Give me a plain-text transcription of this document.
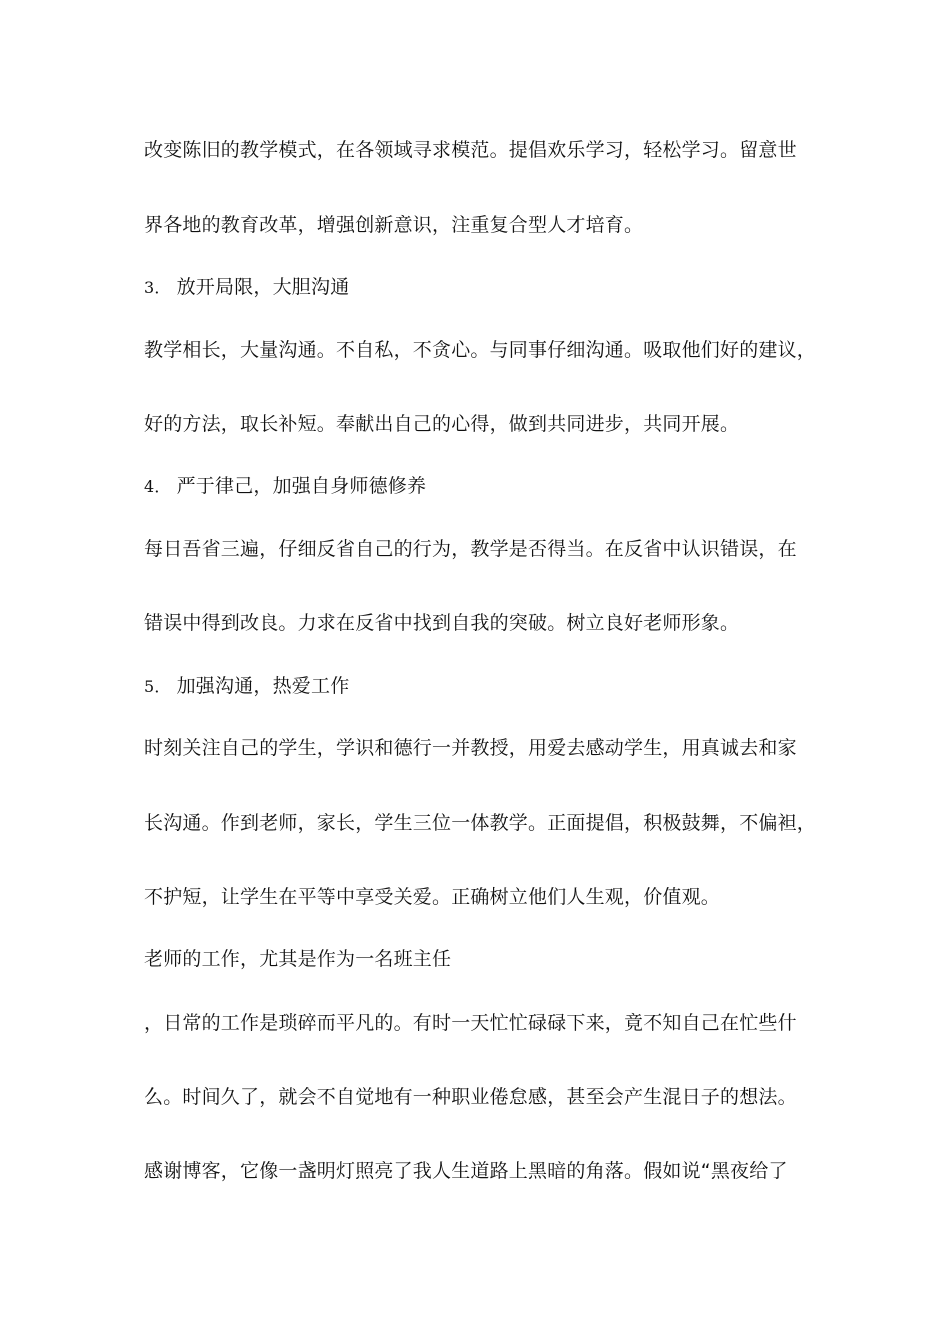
改变陈旧的教学模式，在各领域寻求模范。提倡欢乐学习，轻松学习。留意世
界各地的教育改革，增强创新意识，注重复合型人才培育。
3． 放开局限，大胆沟通
教学相长，大量沟通。不自私，不贪心。与同事仔细沟通。吸取他们好的建议，
好的方法，取长补短。奉献出自己的心得，做到共同进步，共同开展。
4． 严于律己，加强自身师德修养
每日吾省三遍，仔细反省自己的行为，教学是否得当。在反省中认识错误，在
错误中得到改良。力求在反省中找到自我的突破。树立良好老师形象。
5． 加强沟通，热爱工作
时刻关注自己的学生，学识和德行一并教授，用爱去感动学生，用真诚去和家
长沟通。作到老师，家长，学生三位一体教学。正面提倡，积极鼓舞，不偏袒，
不护短，让学生在平等中享受关爱。正确树立他们人生观，价值观。
老师的工作，尤其是作为一名班主任
，日常的工作是琐碎而平凡的。有时一天忙忙碌碌下来，竟不知自己在忙些什
么。时间久了，就会不自觉地有一种职业倦怠感，甚至会产生混日子的想法。
感谢博客，它像一盏明灯照亮了我人生道路上黑暗的角落。假如说“黑夜给了
